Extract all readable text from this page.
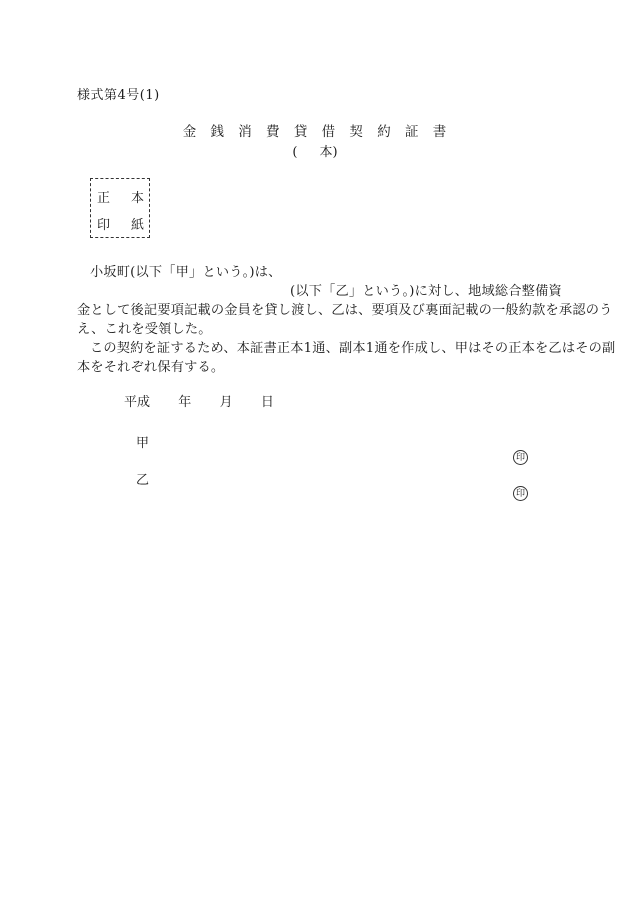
様式第4号(1)
金 銭 消 費 貸 借 契 約 証 書
( 本)
正 本
印 紙
小坂町(以下「甲」という。)は、
(以下「乙」という。)に対し、地域総合整備資
金として後記要項記載の金員を貸し渡し、乙は、要項及び裏面記載の一般約款を承認のう
え、これを受領した。
この契約を証するため、本証書正本1通、副本1通を作成し、甲はその正本を乙はその副
本をそれぞれ保有する。
平成 年 月 日
甲
印
乙
印
